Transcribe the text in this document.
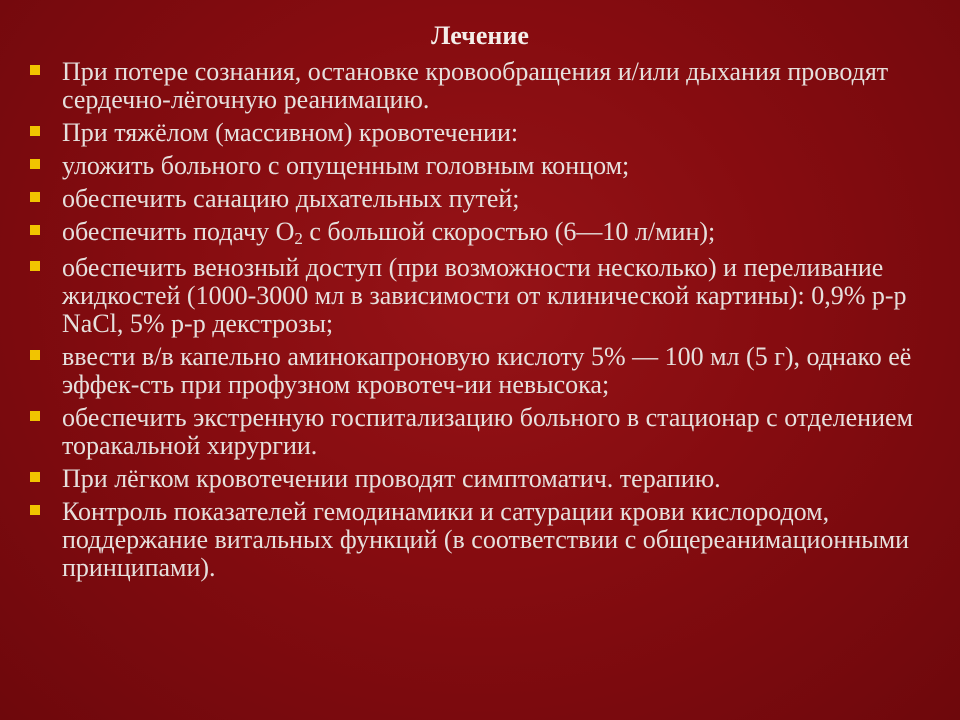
Лечение
При потере сознания, остановке кровообращения и/или дыхания проводят сердечно-лёгочную реанимацию.
При тяжёлом (массивном) кровотечении:
уложить больного с опущенным головным концом;
обеспечить санацию дыхательных путей;
обеспечить подачу O2 с большой скоростью (6—10 л/мин);
обеспечить венозный доступ (при возможности несколько) и переливание жидкостей (1000-3000 мл в зависимости от клинической картины): 0,9% р-р NaCl, 5% р-р декстрозы;
ввести в/в капельно аминокапроновую кислоту 5% — 100 мл (5 г), однако её эффек-сть при профузном кровотеч-ии невысока;
обеспечить экстренную госпитализацию больного в стационар с отделением торакальной хирургии.
При лёгком кровотечении проводят симптоматич. терапию.
Контроль показателей гемодинамики и сатурации крови кислородом, поддержание витальных функций (в соответствии с общереанимационными принципами).
